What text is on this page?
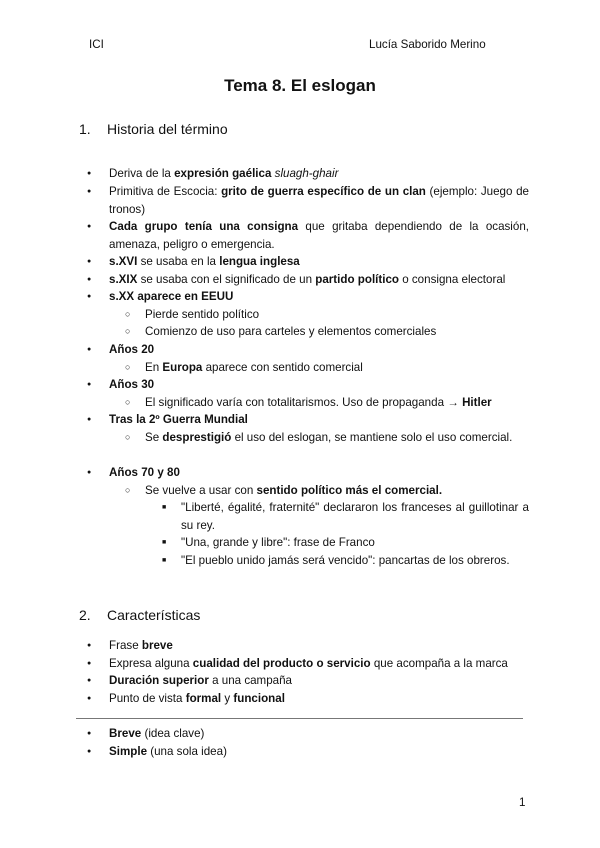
ICI	Lucía Saborido Merino
Tema 8. El eslogan
1. Historia del término
● Deriva de la expresión gaélica sluagh-ghair
● Primitiva de Escocia: grito de guerra específico de un clan (ejemplo: Juego de tronos)
● Cada grupo tenía una consigna que gritaba dependiendo de la ocasión, amenaza, peligro o emergencia.
● s.XVI se usaba en la lengua inglesa
● s.XIX se usaba con el significado de un partido político o consigna electoral
● s.XX aparece en EEUU
○ Pierde sentido político
○ Comienzo de uso para carteles y elementos comerciales
● Años 20
○ En Europa aparece con sentido comercial
● Años 30
○ El significado varía con totalitarismos. Uso de propaganda → Hitler
● Tras la 2º Guerra Mundial
○ Se desprestigió el uso del eslogan, se mantiene solo el uso comercial.
● Años 70 y 80
○ Se vuelve a usar con sentido político más el comercial.
■ "Liberté, égalité, fraternité" declararon los franceses al guillotinar a su rey.
■ "Una, grande y libre": frase de Franco
■ "El pueblo unido jamás será vencido": pancartas de los obreros.
2. Características
● Frase breve
● Expresa alguna cualidad del producto o servicio que acompaña a la marca
● Duración superior a una campaña
● Punto de vista formal y funcional
● Breve (idea clave)
● Simple (una sola idea)
1
